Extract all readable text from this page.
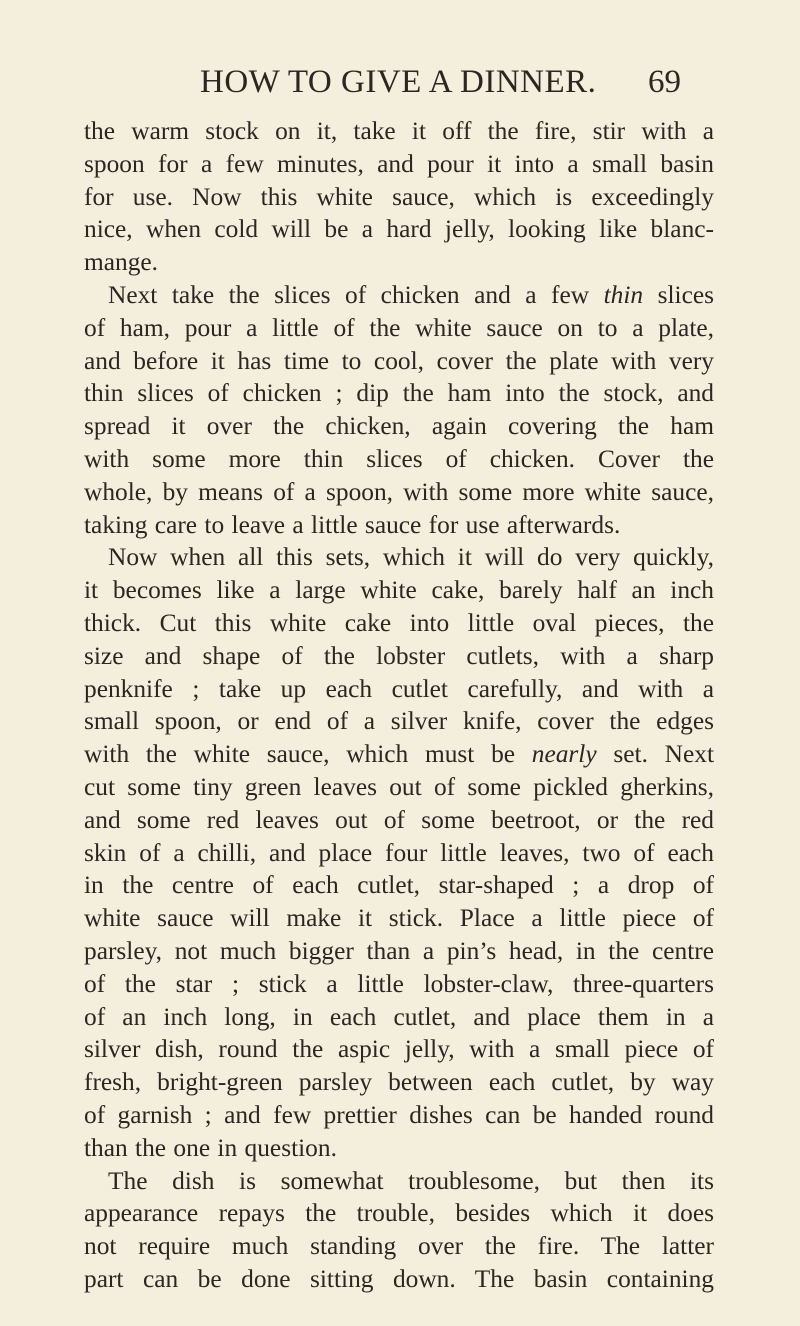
HOW TO GIVE A DINNER. 69
the warm stock on it, take it off the fire, stir with a
spoon for a few minutes, and pour it into a small basin
for use. Now this white sauce, which is exceedingly
nice, when cold will be a hard jelly, looking like blanc-
mange.
Next take the slices of chicken and a few thin slices
of ham, pour a little of the white sauce on to a plate,
and before it has time to cool, cover the plate with very
thin slices of chicken ; dip the ham into the stock, and
spread it over the chicken, again covering the ham
with some more thin slices of chicken. Cover the
whole, by means of a spoon, with some more white sauce,
taking care to leave a little sauce for use afterwards.
Now when all this sets, which it will do very quickly,
it becomes like a large white cake, barely half an inch
thick. Cut this white cake into little oval pieces, the
size and shape of the lobster cutlets, with a sharp
penknife ; take up each cutlet carefully, and with a
small spoon, or end of a silver knife, cover the edges
with the white sauce, which must be nearly set. Next
cut some tiny green leaves out of some pickled gherkins,
and some red leaves out of some beetroot, or the red
skin of a chilli, and place four little leaves, two of each
in the centre of each cutlet, star-shaped ; a drop of
white sauce will make it stick. Place a little piece of
parsley, not much bigger than a pin’s head, in the centre
of the star ; stick a little lobster-claw, three-quarters
of an inch long, in each cutlet, and place them in a
silver dish, round the aspic jelly, with a small piece of
fresh, bright-green parsley between each cutlet, by way
of garnish ; and few prettier dishes can be handed round
than the one in question.
The dish is somewhat troublesome, but then its
appearance repays the trouble, besides which it does
not require much standing over the fire. The latter
part can be done sitting down. The basin containing
